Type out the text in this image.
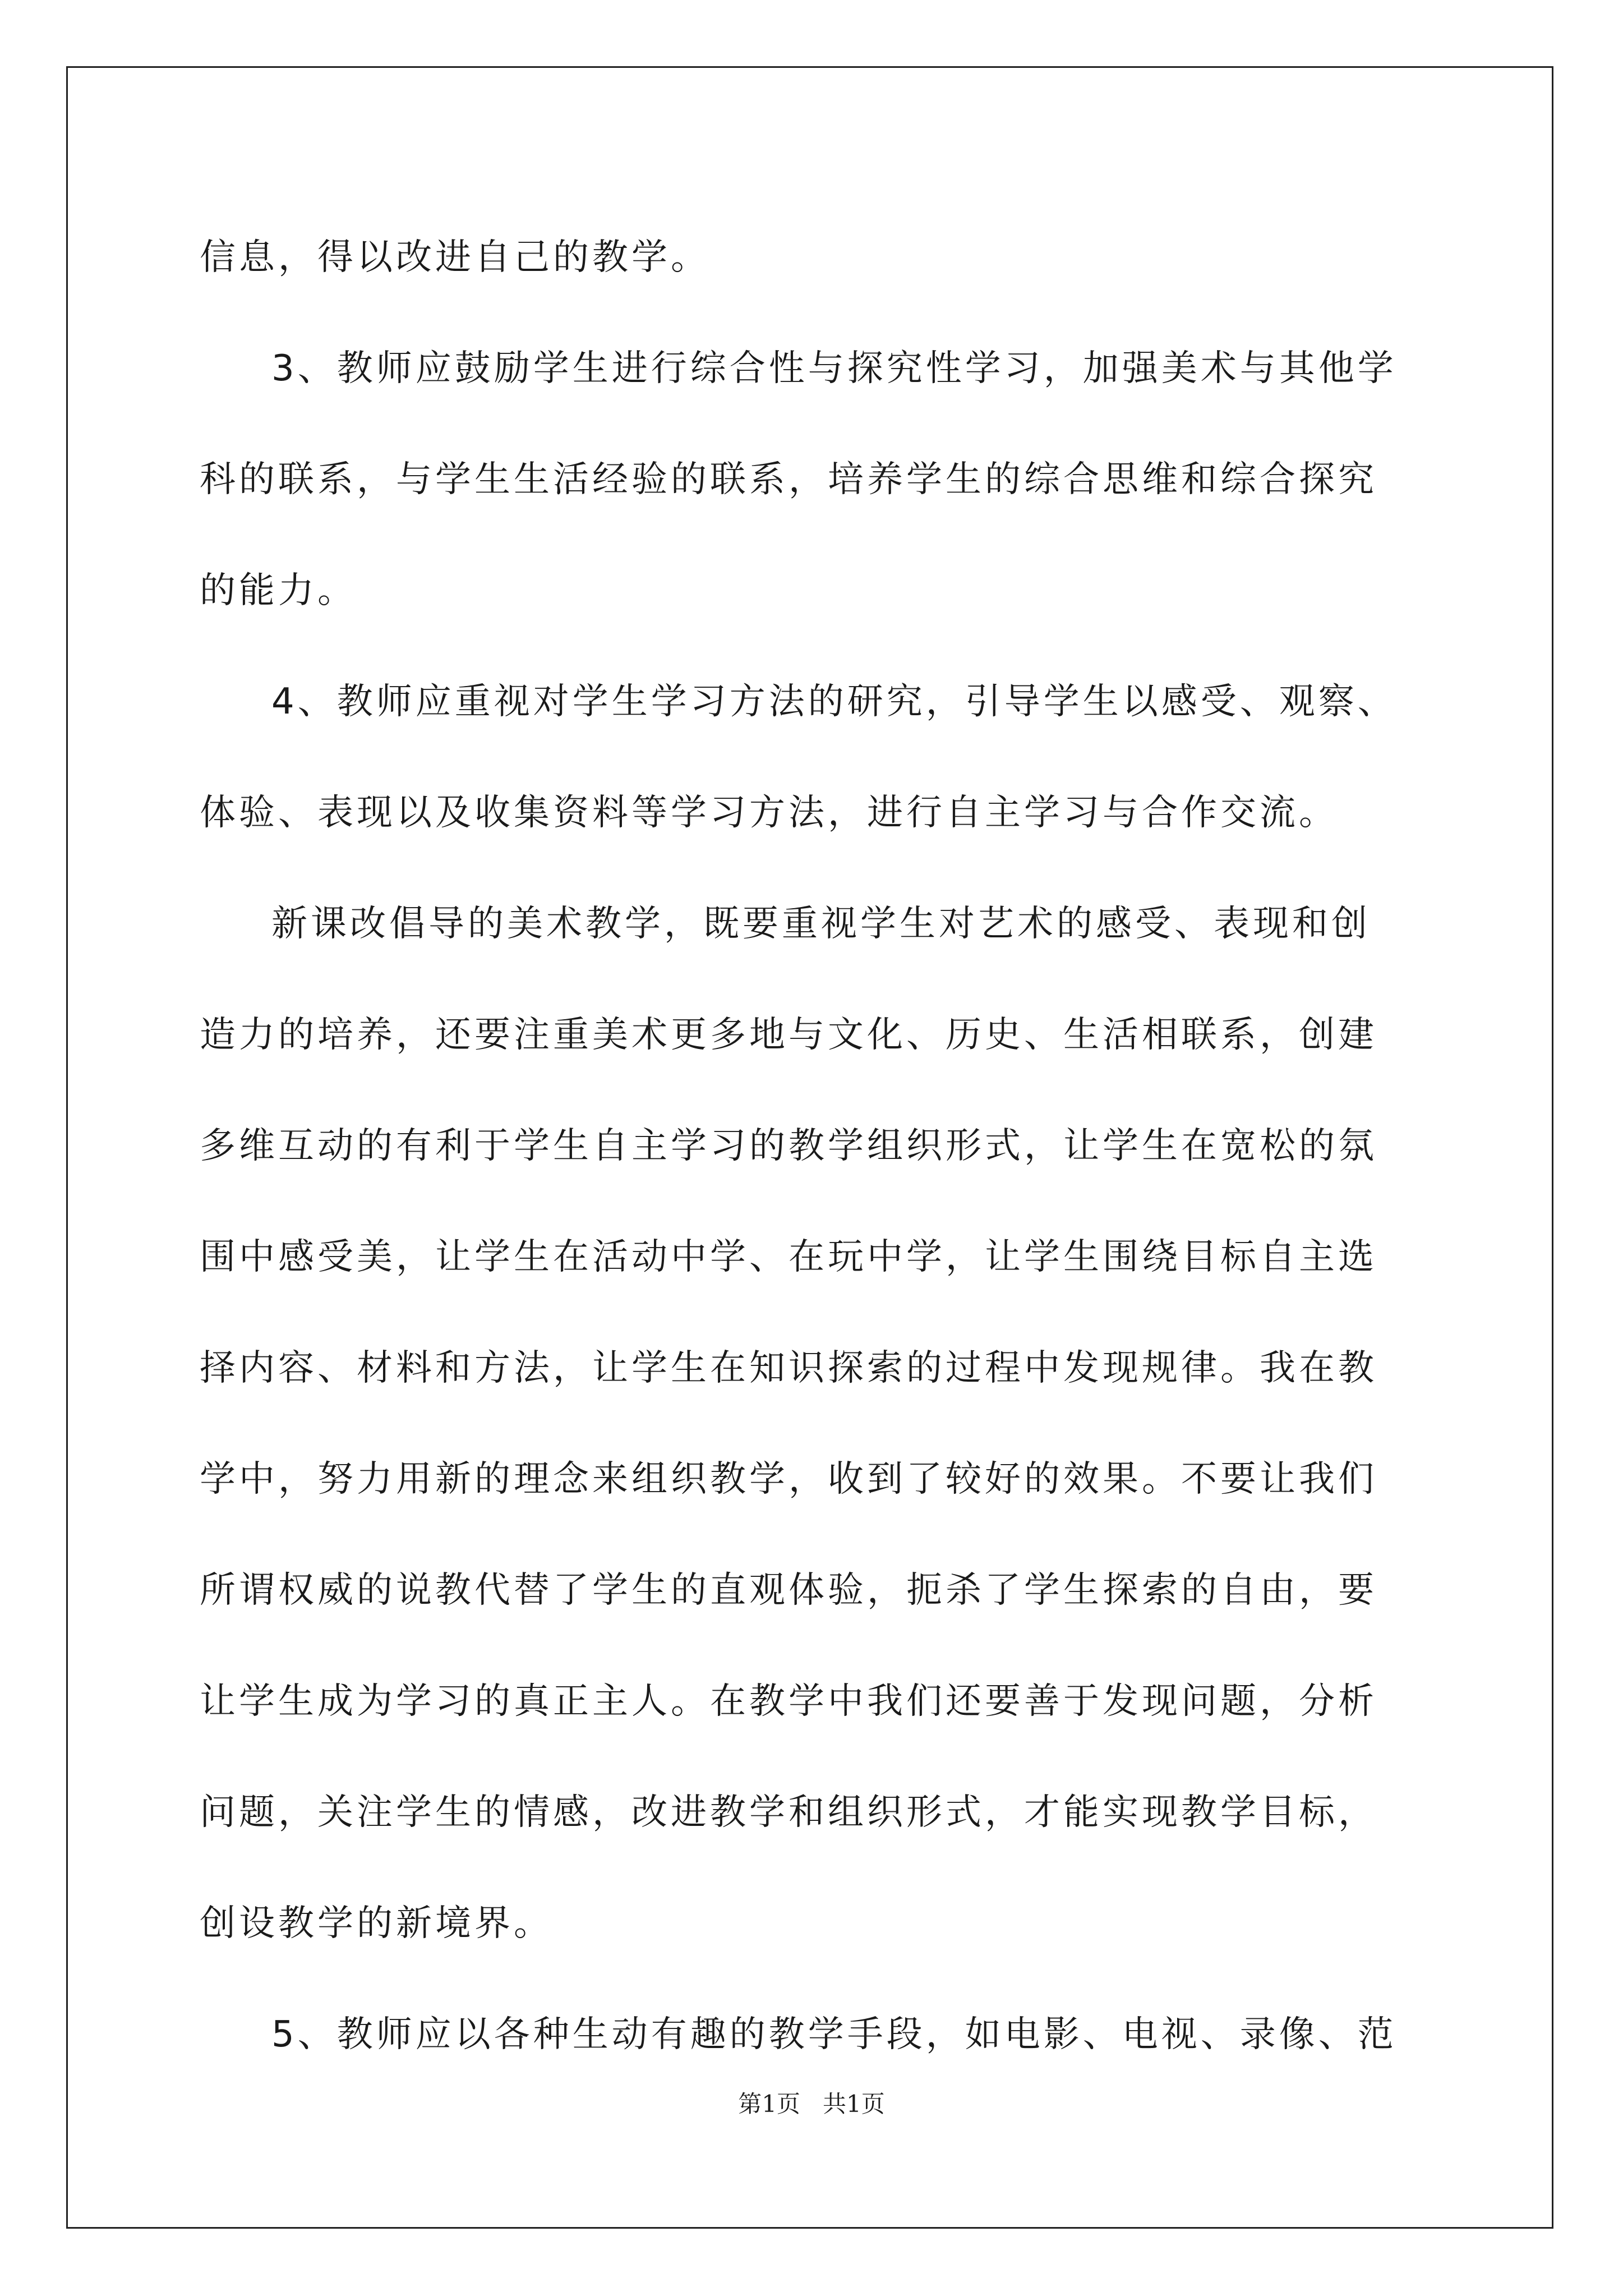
信息，得以改进自己的教学。
3、教师应鼓励学生进行综合性与探究性学习，加强美术与其他学
科的联系，与学生生活经验的联系，培养学生的综合思维和综合探究
的能力。
4、教师应重视对学生学习方法的研究，引导学生以感受、观察、
体验、表现以及收集资料等学习方法，进行自主学习与合作交流。
新课改倡导的美术教学，既要重视学生对艺术的感受、表现和创
造力的培养，还要注重美术更多地与文化、历史、生活相联系，创建
多维互动的有利于学生自主学习的教学组织形式，让学生在宽松的氛
围中感受美，让学生在活动中学、在玩中学，让学生围绕目标自主选
择内容、材料和方法，让学生在知识探索的过程中发现规律。我在教
学中，努力用新的理念来组织教学，收到了较好的效果。不要让我们
所谓权威的说教代替了学生的直观体验，扼杀了学生探索的自由，要
让学生成为学习的真正主人。在教学中我们还要善于发现问题，分析
问题，关注学生的情感，改进教学和组织形式，才能实现教学目标，
创设教学的新境界。
5、教师应以各种生动有趣的教学手段，如电影、电视、录像、范
第1页 共1页
